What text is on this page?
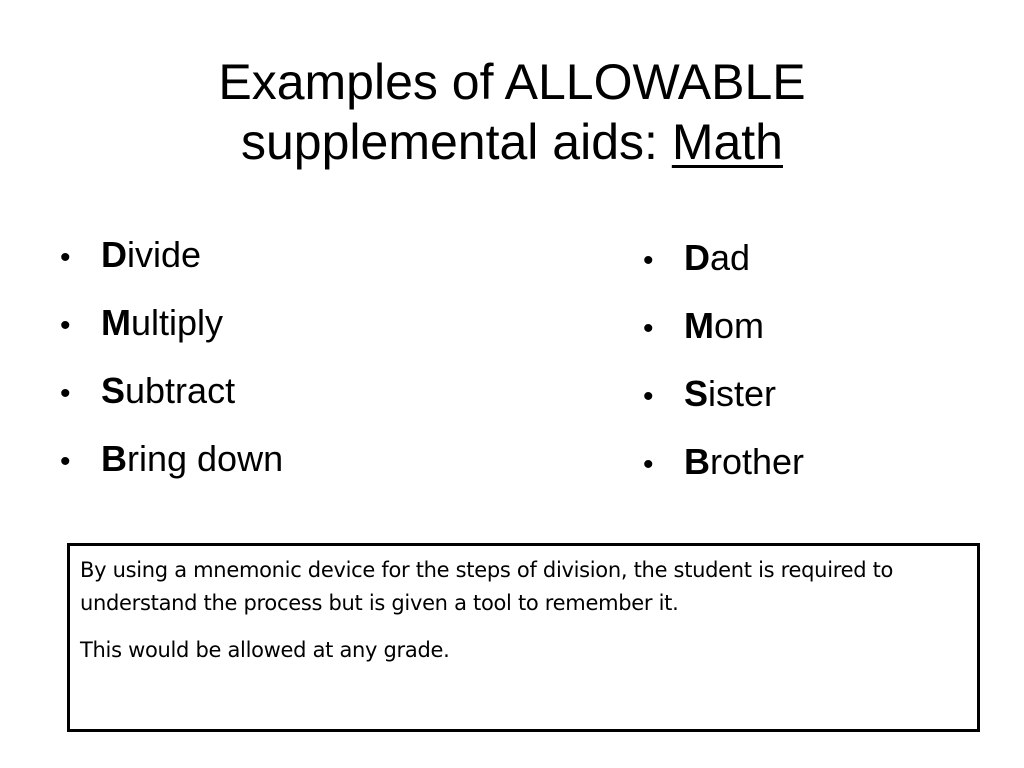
Examples of ALLOWABLE
supplemental aids: Math
• D ivide
• M ultiply
• S ubtract
• B ring down
• D ad
• M om
• S ister
• B rother

By using a mnemonic device for the steps of division, the student is required to understand the process but is given a tool to remember it.

This would be allowed at any grade.
